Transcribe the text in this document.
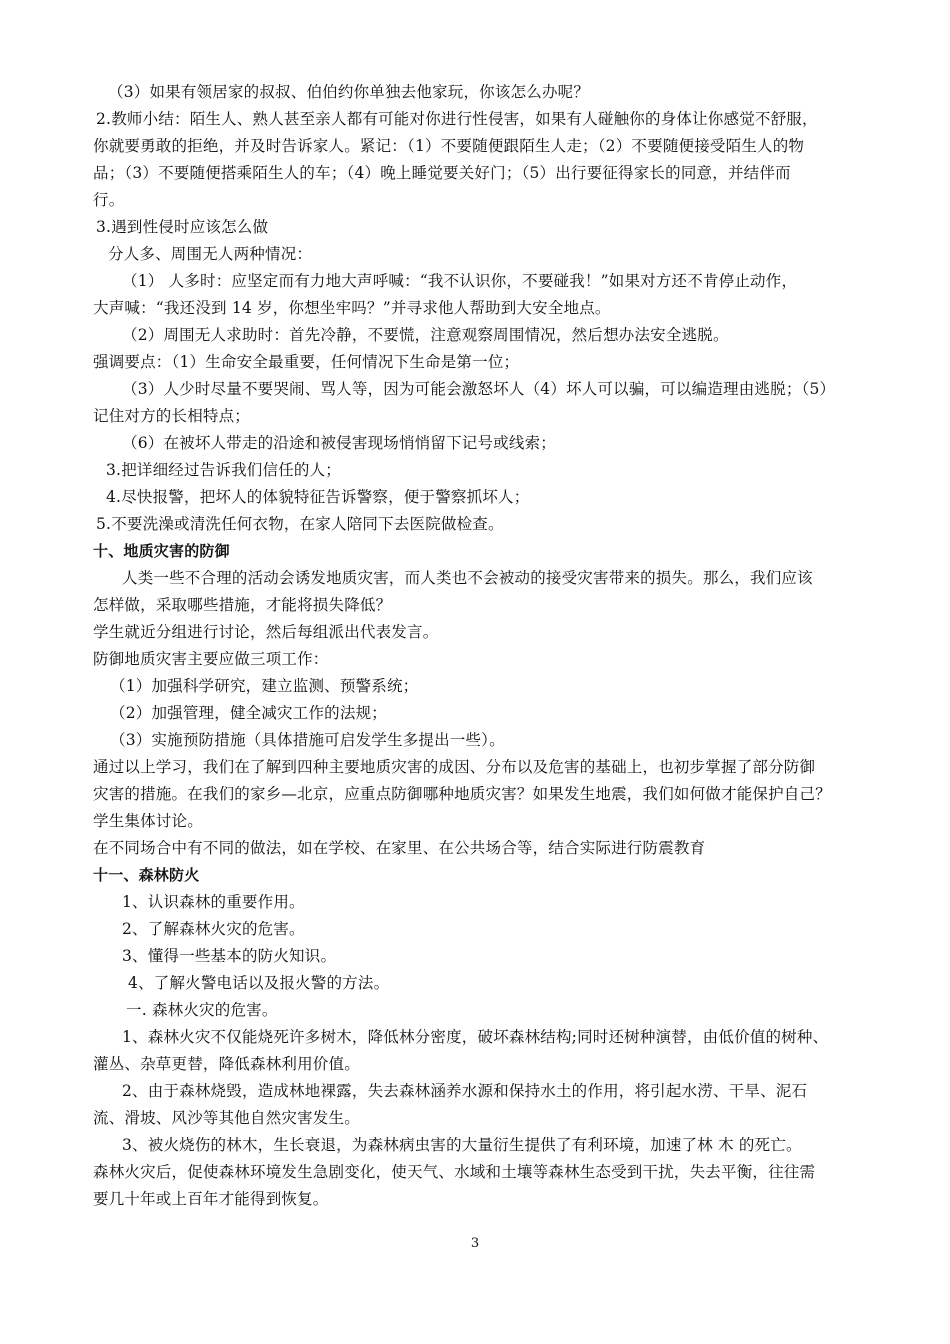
（3）如果有领居家的叔叔、伯伯约你单独去他家玩，你该怎么办呢？
2.教师小结：陌生人、熟人甚至亲人都有可能对你进行性侵害，如果有人碰触你的身体让你感觉不舒服，
你就要勇敢的拒绝，并及时告诉家人。紧记：（1）不要随便跟陌生人走；（2）不要随便接受陌生人的物
品；（3）不要随便搭乘陌生人的车；（4）晚上睡觉要关好门；（5）出行要征得家长的同意，并结伴而
行。
3.遇到性侵时应该怎么做
分人多、周围无人两种情况：
（1） 人多时：应坚定而有力地大声呼喊：“我不认识你，不要碰我！”如果对方还不肯停止动作，
大声喊：“我还没到 14 岁，你想坐牢吗？”并寻求他人帮助到大安全地点。
（2）周围无人求助时：首先冷静，不要慌，注意观察周围情况，然后想办法安全逃脱。
强调要点：（1）生命安全最重要，任何情况下生命是第一位；
（3）人少时尽量不要哭闹、骂人等，因为可能会激怒坏人（4）坏人可以骗，可以编造理由逃脱；（5）
记住对方的长相特点；
（6）在被坏人带走的沿途和被侵害现场悄悄留下记号或线索；
3.把详细经过告诉我们信任的人；
4.尽快报警，把坏人的体貌特征告诉警察，便于警察抓坏人；
5.不要洗澡或清洗任何衣物，在家人陪同下去医院做检查。
十、地质灾害的防御
人类一些不合理的活动会诱发地质灾害，而人类也不会被动的接受灾害带来的损失。那么，我们应该
怎样做，采取哪些措施，才能将损失降低？
学生就近分组进行讨论，然后每组派出代表发言。
防御地质灾害主要应做三项工作：
（1）加强科学研究，建立监测、预警系统；
（2）加强管理，健全减灾工作的法规；
（3）实施预防措施（具体措施可启发学生多提出一些）。
通过以上学习，我们在了解到四种主要地质灾害的成因、分布以及危害的基础上，也初步掌握了部分防御
灾害的措施。在我们的家乡—北京，应重点防御哪种地质灾害？如果发生地震，我们如何做才能保护自己？
学生集体讨论。
在不同场合中有不同的做法，如在学校、在家里、在公共场合等，结合实际进行防震教育
十一、森林防火
1、认识森林的重要作用。
2、了解森林火灾的危害。
3、懂得一些基本的防火知识。
4、了解火警电话以及报火警的方法。
一. 森林火灾的危害。
1、森林火灾不仅能烧死许多树木，降低林分密度，破坏森林结构;同时还树种演替，由低价值的树种、
灌丛、杂草更替，降低森林利用价值。
2、由于森林烧毁，造成林地裸露，失去森林涵养水源和保持水土的作用，将引起水涝、干旱、泥石
流、滑坡、风沙等其他自然灾害发生。
3、被火烧伤的林木，生长衰退，为森林病虫害的大量衍生提供了有利环境，加速了林 木 的死亡。
森林火灾后，促使森林环境发生急剧变化，使天气、水域和土壤等森林生态受到干扰，失去平衡，往往需
要几十年或上百年才能得到恢复。
3
